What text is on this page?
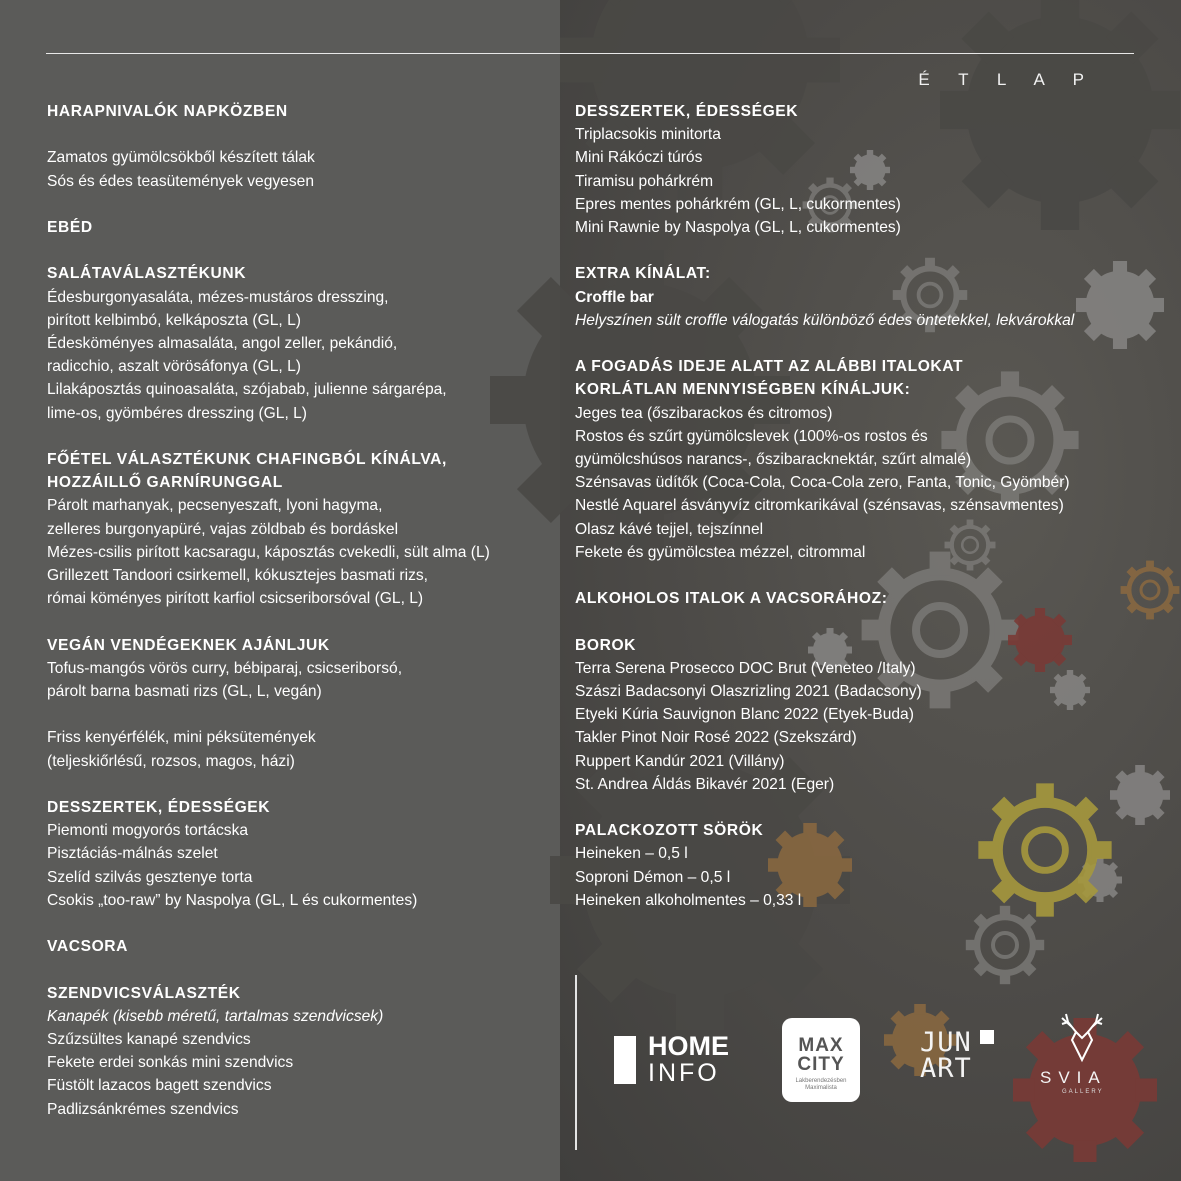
É T L A P
HARAPNIVALÓK NAPKÖZBEN
Zamatos gyümölcsökből készített tálak
Sós és édes teasütemények vegyesen
EBÉD
SALÁTAVÁLASZTÉKUNK
Édesburgonyasaláta, mézes-mustáros dresszing,
pirított kelbimbó, kelkáposzta (GL, L)
Édesköményes almasaláta, angol zeller, pekándió,
radicchio, aszalt vörösáfonya (GL, L)
Lilakáposztás quinoasaláta, szójabab, julienne sárgarépa,
lime-os, gyömbéres dresszing (GL, L)
FŐÉTEL VÁLASZTÉKUNK CHAFINGBÓL KÍNÁLVA,
HOZZÁILLŐ GARNÍRUNGGAL
Párolt marhanyak, pecsenyeszaft, lyoni hagyma,
zelleres burgonyapüré, vajas zöldbab és bordáskel
Mézes-csilis pirított kacsaragu, káposztás cvekedli, sült alma (L)
Grillezett Tandoori csirkemell, kókusztejes basmati rizs,
római köményes pirított karfiol csicseriborsóval (GL, L)
VEGÁN VENDÉGEKNEK AJÁNLJUK
Tofus-mangós vörös curry, bébiparaj, csicseriborsó,
párolt barna basmati rizs (GL, L, vegán)
Friss kenyérfélék, mini péksütemények
(teljeskiőrlésű, rozsos, magos, házi)
DESSZERTEK, ÉDESSÉGEK
Piemonti mogyorós tortácska
Pisztáciás-málnás szelet
Szelíd szilvás gesztenye torta
Csokis „too-raw” by Naspolya (GL, L és cukormentes)
VACSORA
SZENDVICSVÁLASZTÉK
Kanapék (kisebb méretű, tartalmas szendvicsek)
Szűzsültes kanapé szendvics
Fekete erdei sonkás mini szendvics
Füstölt lazacos bagett szendvics
Padlizsánkrémes szendvics
DESSZERTEK, ÉDESSÉGEK
Triplacsokis minitorta
Mini Rákóczi túrós
Tiramisu pohárkrém
Epres mentes pohárkrém (GL, L, cukormentes)
Mini Rawnie by Naspolya (GL, L, cukormentes)
EXTRA KÍNÁLAT:
Croffle bar
Helyszínen sült croffle válogatás különböző édes öntetekkel, lekvárokkal
A FOGADÁS IDEJE ALATT AZ ALÁBBI ITALOKAT
KORLÁTLAN MENNYISÉGBEN KÍNÁLJUK:
Jeges tea (őszibarackos és citromos)
Rostos és szűrt gyümölcslevek (100%-os rostos és
gyümölcshúsos narancs-, őszibaracknektár, szűrt almalé)
Szénsavas üdítők (Coca-Cola, Coca-Cola zero, Fanta, Tonic, Gyömbér)
Nestlé Aquarel ásványvíz citromkarikával (szénsavas, szénsavmentes)
Olasz kávé tejjel, tejszínnel
Fekete és gyümölcstea mézzel, citrommal
ALKOHOLOS ITALOK A VACSORÁHOZ:
BOROK
Terra Serena Prosecco DOC Brut (Veneteo /Italy)
Szászi Badacsonyi Olaszrizling 2021 (Badacsony)
Etyeki Kúria Sauvignon Blanc 2022 (Etyek-Buda)
Takler Pinot Noir Rosé 2022 (Szekszárd)
Ruppert Kandúr 2021 (Villány)
St. Andrea Áldás Bikavér 2021 (Eger)
PALACKOZOTT SÖRÖK
Heineken – 0,5 l
Soproni Démon – 0,5 l
Heineken alkoholmentes – 0,33 l
HOME
INFO
MAX
CITY
Lakberendezésben Maximalista
JUN
ART	SVIA
GALLERY
